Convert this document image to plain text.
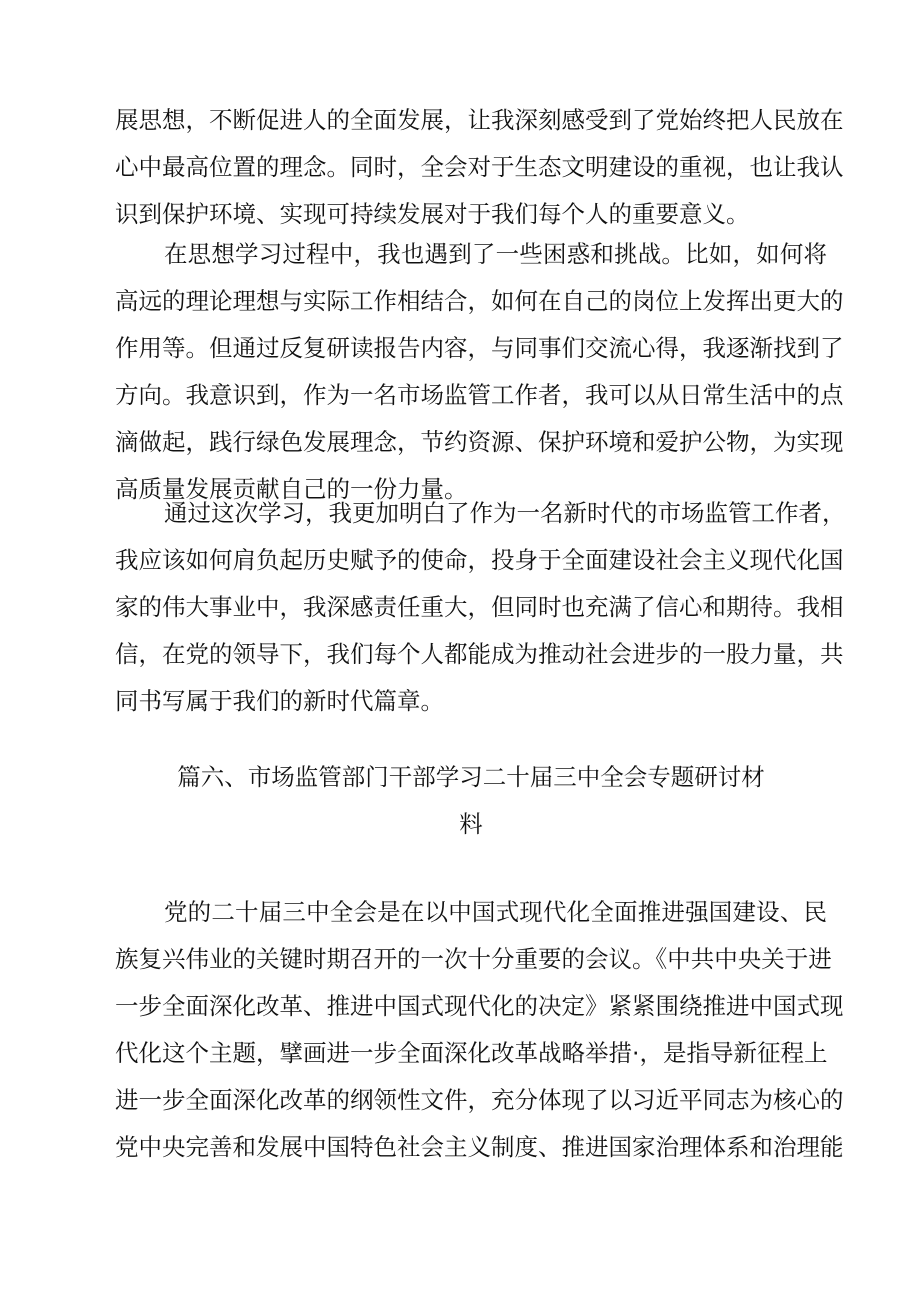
展思想，不断促进人的全面发展，让我深刻感受到了党始终把人民放在
心中最高位置的理念。同时，全会对于生态文明建设的重视，也让我认
识到保护环境、实现可持续发展对于我们每个人的重要意义。
在思想学习过程中，我也遇到了一些困惑和挑战。比如，如何将
高远的理论理想与实际工作相结合，如何在自己的岗位上发挥出更大的
作用等。但通过反复研读报告内容，与同事们交流心得，我逐渐找到了
方向。我意识到，作为一名市场监管工作者，我可以从日常生活中的点
滴做起，践行绿色发展理念，节约资源、保护环境和爱护公物，为实现
高质量发展贡献自己的一份力量。
通过这次学习，我更加明白了作为一名新时代的市场监管工作者，
我应该如何肩负起历史赋予的使命，投身于全面建设社会主义现代化国
家的伟大事业中，我深感责任重大，但同时也充满了信心和期待。我相
信，在党的领导下，我们每个人都能成为推动社会进步的一股力量，共
同书写属于我们的新时代篇章。
篇六、市场监管部门干部学习二十届三中全会专题研讨材
料
党的二十届三中全会是在以中国式现代化全面推进强国建设、民
族复兴伟业的关键时期召开的一次十分重要的会议。《中共中央关于进
一步全面深化改革、推进中国式现代化的决定》紧紧围绕推进中国式现
代化这个主题，擘画进一步全面深化改革战略举措·，是指导新征程上
进一步全面深化改革的纲领性文件，充分体现了以习近平同志为核心的
党中央完善和发展中国特色社会主义制度、推进国家治理体系和治理能
